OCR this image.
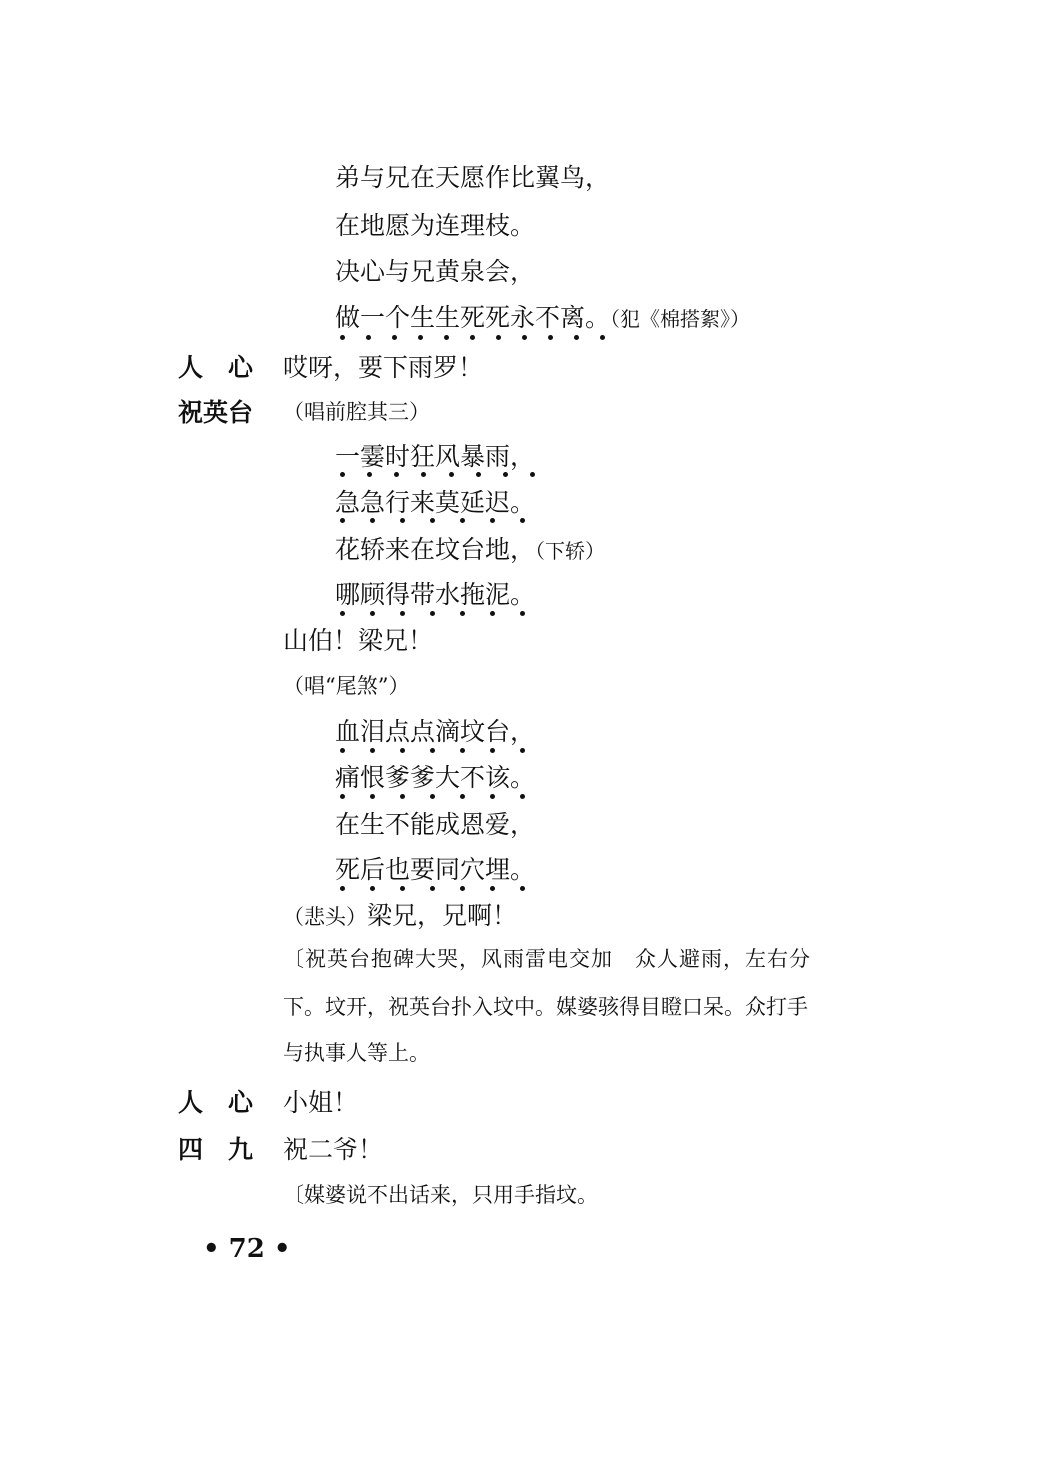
弟与兄在天愿作比翼鸟，
在地愿为连理枝。
决心与兄黄泉会，
做一个生生死死永不离。（犯《棉搭絮》）
人　心 哎呀，要下雨罗！
祝英台 （唱前腔其三）
一霎时狂风暴雨，
急急行来莫延迟。
花轿来在坟台地，（下轿）
哪顾得带水拖泥。
山伯！梁兄！
（唱“尾煞”）
血泪点点滴坟台，
痛恨爹爹大不该。
在生不能成恩爱，
死后也要同穴埋。
（悲头）梁兄，兄啊！
〔祝英台抱碑大哭，风雨雷电交加　众人避雨，左右分
下。坟开，祝英台扑入坟中。媒婆骇得目瞪口呆。众打手
与执事人等上。
人　心 小姐！
四　九 祝二爷！
〔媒婆说不出话来，只用手指坟。
• 72 •
